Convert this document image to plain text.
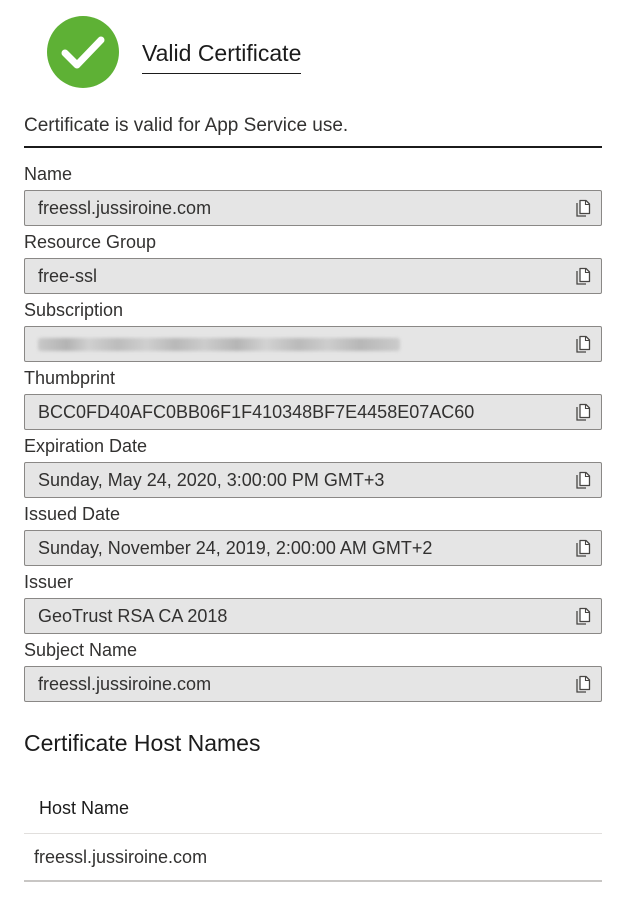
Valid Certificate
Certificate is valid for App Service use.
Name
freessl.jussiroine.com
Resource Group
free-ssl
Subscription
Thumbprint
BCC0FD40AFC0BB06F1F410348BF7E4458E07AC60
Expiration Date
Sunday, May 24, 2020, 3:00:00 PM GMT+3
Issued Date
Sunday, November 24, 2019, 2:00:00 AM GMT+2
Issuer
GeoTrust RSA CA 2018
Subject Name
freessl.jussiroine.com
Certificate Host Names
Host Name
freessl.jussiroine.com
